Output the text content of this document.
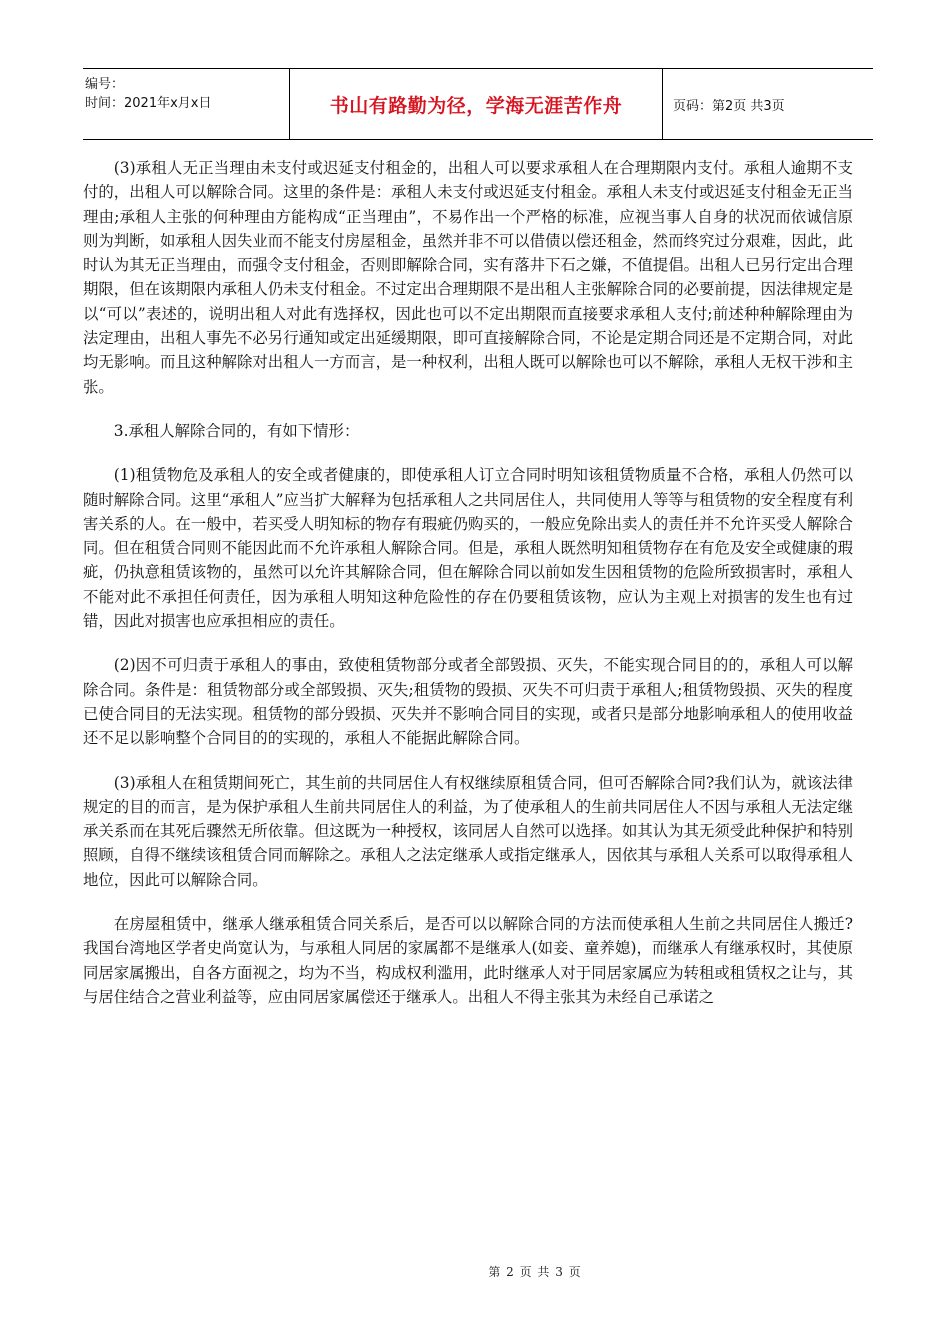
编号：
时间：2021年x月x日	书山有路勤为径，学海无涯苦作舟	页码：第2页 共3页

(3)承租人无正当理由未支付或迟延支付租金的，出租人可以要求承租人在合理期限内支付。承租人逾期不支付的，出租人可以解除合同。这里的条件是：承租人未支付或迟延支付租金。承租人未支付或迟延支付租金无正当理由;承租人主张的何种理由方能构成“正当理由”，不易作出一个严格的标准，应视当事人自身的状况而依诚信原则为判断，如承租人因失业而不能支付房屋租金，虽然并非不可以借债以偿还租金，然而终究过分艰难，因此，此时认为其无正当理由，而强令支付租金，否则即解除合同，实有落井下石之嫌，不值提倡。出租人已另行定出合理期限，但在该期限内承租人仍未支付租金。不过定出合理期限不是出租人主张解除合同的必要前提，因法律规定是以“可以”表述的，说明出租人对此有选择权，因此也可以不定出期限而直接要求承租人支付;前述种种解除理由为法定理由，出租人事先不必另行通知或定出延缓期限，即可直接解除合同，不论是定期合同还是不定期合同，对此均无影响。而且这种解除对出租人一方而言，是一种权利，出租人既可以解除也可以不解除，承租人无权干涉和主张。

3.承租人解除合同的，有如下情形：

(1)租赁物危及承租人的安全或者健康的，即使承租人订立合同时明知该租赁物质量不合格，承租人仍然可以随时解除合同。这里“承租人”应当扩大解释为包括承租人之共同居住人，共同使用人等等与租赁物的安全程度有利害关系的人。在一般中，若买受人明知标的物存有瑕疵仍购买的，一般应免除出卖人的责任并不允许买受人解除合同。但在租赁合同则不能因此而不允许承租人解除合同。但是，承租人既然明知租赁物存在有危及安全或健康的瑕疵，仍执意租赁该物的，虽然可以允许其解除合同，但在解除合同以前如发生因租赁物的危险所致损害时，承租人不能对此不承担任何责任，因为承租人明知这种危险性的存在仍要租赁该物，应认为主观上对损害的发生也有过错，因此对损害也应承担相应的责任。

(2)因不可归责于承租人的事由，致使租赁物部分或者全部毁损、灭失，不能实现合同目的的，承租人可以解除合同。条件是：租赁物部分或全部毁损、灭失;租赁物的毁损、灭失不可归责于承租人;租赁物毁损、灭失的程度已使合同目的无法实现。租赁物的部分毁损、灭失并不影响合同目的实现，或者只是部分地影响承租人的使用收益还不足以影响整个合同目的的实现的，承租人不能据此解除合同。

(3)承租人在租赁期间死亡，其生前的共同居住人有权继续原租赁合同，但可否解除合同?我们认为，就该法律规定的目的而言，是为保护承租人生前共同居住人的利益，为了使承租人的生前共同居住人不因与承租人无法定继承关系而在其死后骤然无所依靠。但这既为一种授权，该同居人自然可以选择。如其认为其无须受此种保护和特别照顾，自得不继续该租赁合同而解除之。承租人之法定继承人或指定继承人，因依其与承租人关系可以取得承租人地位，因此可以解除合同。

在房屋租赁中，继承人继承租赁合同关系后，是否可以以解除合同的方法而使承租人生前之共同居住人搬迁?我国台湾地区学者史尚宽认为，与承租人同居的家属都不是继承人(如妾、童养媳)，而继承人有继承权时，其使原同居家属搬出，自各方面视之，均为不当，构成权利滥用，此时继承人对于同居家属应为转租或租赁权之让与，其与居住结合之营业利益等，应由同居家属偿还于继承人。出租人不得主张其为未经自己承诺之

第 2 页 共 3 页
